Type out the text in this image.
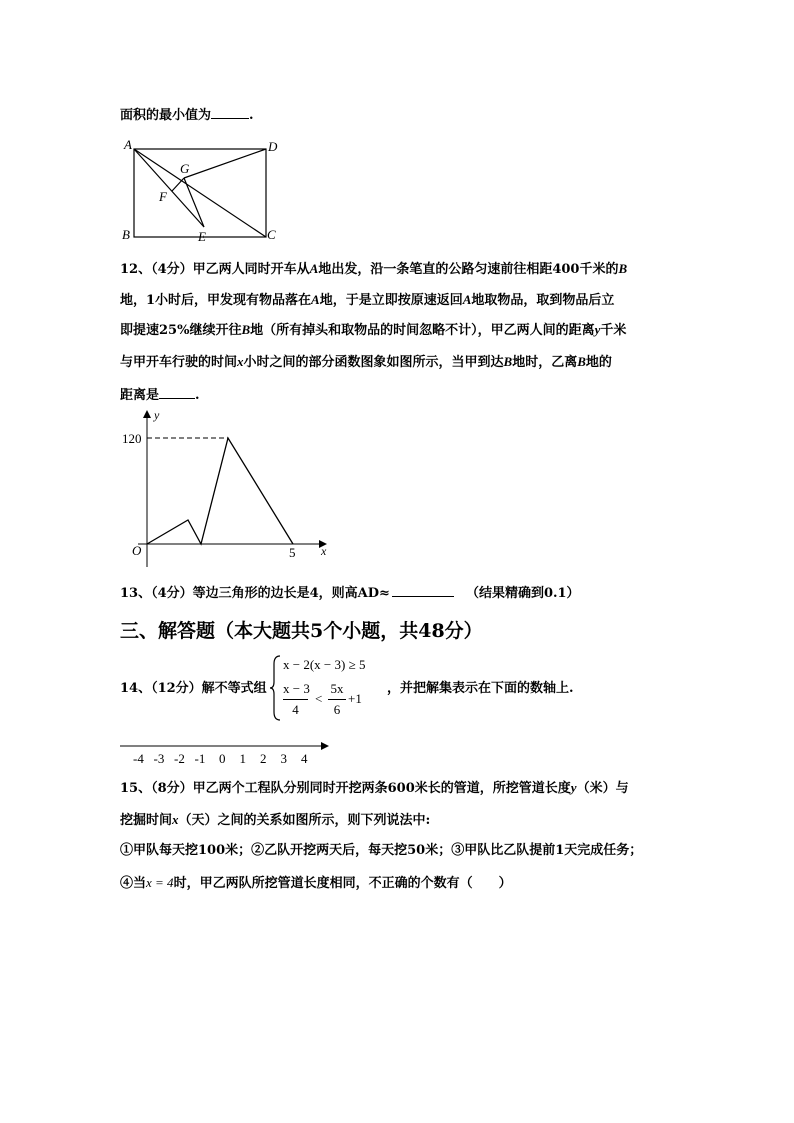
面积的最小值为	.
A	D
G
F
B	E	C
12、（4分）甲乙两人同时开车从A地出发，沿一条笔直的公路匀速前往相距400千米的B
地，1小时后，甲发现有物品落在A地，于是立即按原速返回A地取物品，取到物品后立
即提速25%继续开往B地（所有掉头和取物品的时间忽略不计），甲乙两人间的距离y千米
与甲开车行驶的时间x小时之间的部分函数图象如图所示，当甲到达B地时，乙离B地的
距离是	.
y
x
O
120
5
13、（4分）等边三角形的边长是4，则高AD≈	（结果精确到0.1）
三、解答题（本大题共5个小题，共48分）
14、（12分）解不等式组
x − 2(x − 3) ≥ 5
x − 3
4
<
5x
6
+1
，并把解集表示在下面的数轴上.
-4 -3 -2 -1 0 1 2 3 4
15、（8分）甲乙两个工程队分别同时开挖两条600米长的管道，所挖管道长度y（米）与
挖掘时间x（天）之间的关系如图所示，则下列说法中:
①甲队每天挖100米；②乙队开挖两天后，每天挖50米；③甲队比乙队提前1天完成任务；
④当x = 4时，甲乙两队所挖管道长度相同，不正确的个数有（　　）
